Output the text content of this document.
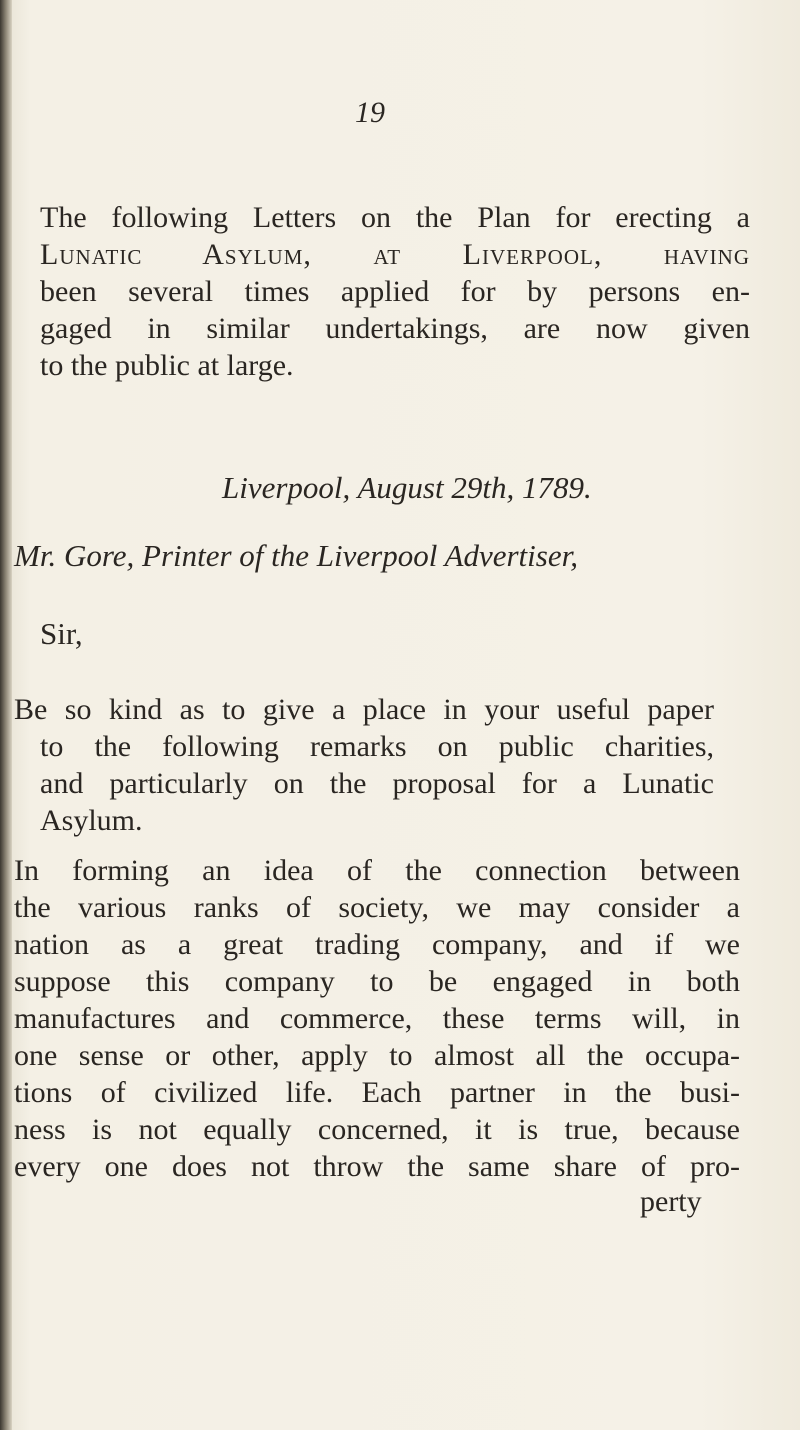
19
The following Letters on the Plan for erecting a
Lunatic Asylum, at Liverpool, having
been several times applied for by persons en-
gaged in similar undertakings, are now given
to the public at large.
Liverpool, August 29th, 1789.
Mr. Gore, Printer of the Liverpool Advertiser,
Sir,
Be so kind as to give a place in your useful paper
to the following remarks on public charities,
and particularly on the proposal for a Lunatic
Asylum.
In forming an idea of the connection between
the various ranks of society, we may consider a
nation as a great trading company, and if we
suppose this company to be engaged in both
manufactures and commerce, these terms will, in
one sense or other, apply to almost all the occupa-
tions of civilized life. Each partner in the busi-
ness is not equally concerned, it is true, because
every one does not throw the same share of pro-
perty
